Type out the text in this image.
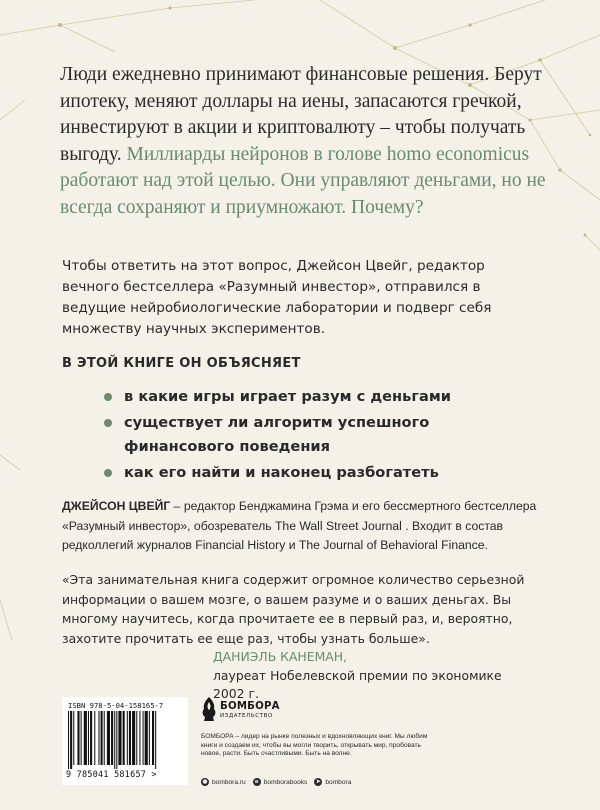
Люди ежедневно принимают финансовые решения. Берут ипотеку, меняют доллары на иены, запасаются гречкой, инвестируют в акции и криптовалюту – чтобы получать выгоду. Миллиарды нейронов в голове homo economicus работают над этой целью. Они управляют деньгами, но не всегда сохраняют и приумножают. Почему?

Чтобы ответить на этот вопрос, Джейсон Цвейг, редактор вечного бестселлера «Разумный инвестор», отправился в ведущие нейробиологические лаборатории и подверг себя множеству научных экспериментов.

В ЭТОЙ КНИГЕ ОН ОБЪЯСНЯЕТ
в какие игры играет разум с деньгами
существует ли алгоритм успешного финансового поведения
как его найти и наконец разбогатеть

ДЖЕЙСОН ЦВЕЙГ – редактор Бенджамина Грэма и его бессмертного бестселлера «Разумный инвестор», обозреватель The Wall Street Journal . Входит в состав редколлегий журналов Financial History и The Journal of Behavioral Finance.

«Эта занимательная книга содержит огромное количество серьезной информации о вашем мозге, о вашем разуме и о ваших деньгах. Вы многому научитесь, когда прочитаете ее в первый раз, и, вероятно, захотите прочитать ее еще раз, чтобы узнать больше».

ДАНИЭЛЬ КАНЕМАН,
лауреат Нобелевской премии по экономике 2002 г.
ISBN 978-5-04-158165-7
9 785041 581657 >
БОМБОРА
ИЗДАТЕЛЬСТВО

БОМБОРА – лидер на рынке полезных и вдохновляющих книг. Мы любим книги и создаем их, чтобы вы могли творить, открывать мир, пробовать новое, расти. Быть счастливыми. Быть на волне.

◉ bombora.ru	в bomborabooks	➤ bombora
